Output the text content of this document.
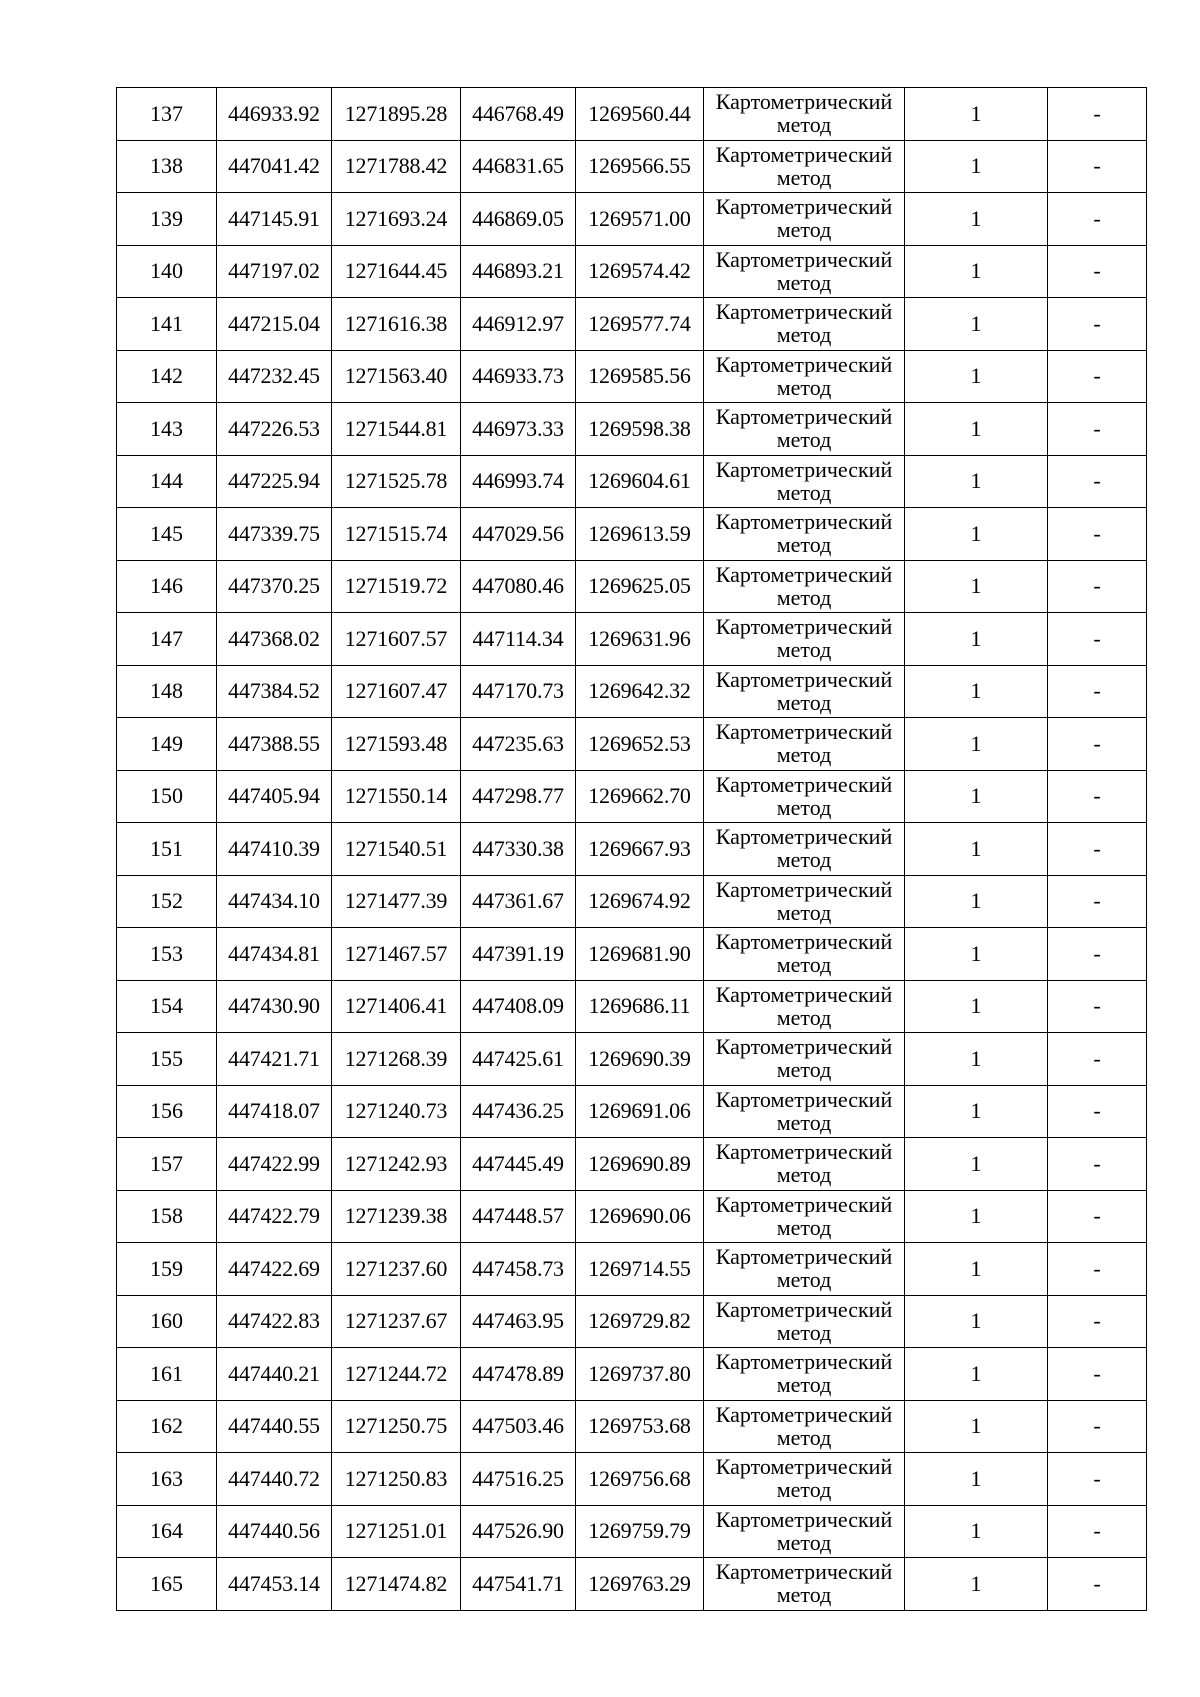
137	446933.92	1271895.28	446768.49	1269560.44	Картометрический
метод	1	-
138	447041.42	1271788.42	446831.65	1269566.55	Картометрический
метод	1	-
139	447145.91	1271693.24	446869.05	1269571.00	Картометрический
метод	1	-
140	447197.02	1271644.45	446893.21	1269574.42	Картометрический
метод	1	-
141	447215.04	1271616.38	446912.97	1269577.74	Картометрический
метод	1	-
142	447232.45	1271563.40	446933.73	1269585.56	Картометрический
метод	1	-
143	447226.53	1271544.81	446973.33	1269598.38	Картометрический
метод	1	-
144	447225.94	1271525.78	446993.74	1269604.61	Картометрический
метод	1	-
145	447339.75	1271515.74	447029.56	1269613.59	Картометрический
метод	1	-
146	447370.25	1271519.72	447080.46	1269625.05	Картометрический
метод	1	-
147	447368.02	1271607.57	447114.34	1269631.96	Картометрический
метод	1	-
148	447384.52	1271607.47	447170.73	1269642.32	Картометрический
метод	1	-
149	447388.55	1271593.48	447235.63	1269652.53	Картометрический
метод	1	-
150	447405.94	1271550.14	447298.77	1269662.70	Картометрический
метод	1	-
151	447410.39	1271540.51	447330.38	1269667.93	Картометрический
метод	1	-
152	447434.10	1271477.39	447361.67	1269674.92	Картометрический
метод	1	-
153	447434.81	1271467.57	447391.19	1269681.90	Картометрический
метод	1	-
154	447430.90	1271406.41	447408.09	1269686.11	Картометрический
метод	1	-
155	447421.71	1271268.39	447425.61	1269690.39	Картометрический
метод	1	-
156	447418.07	1271240.73	447436.25	1269691.06	Картометрический
метод	1	-
157	447422.99	1271242.93	447445.49	1269690.89	Картометрический
метод	1	-
158	447422.79	1271239.38	447448.57	1269690.06	Картометрический
метод	1	-
159	447422.69	1271237.60	447458.73	1269714.55	Картометрический
метод	1	-
160	447422.83	1271237.67	447463.95	1269729.82	Картометрический
метод	1	-
161	447440.21	1271244.72	447478.89	1269737.80	Картометрический
метод	1	-
162	447440.55	1271250.75	447503.46	1269753.68	Картометрический
метод	1	-
163	447440.72	1271250.83	447516.25	1269756.68	Картометрический
метод	1	-
164	447440.56	1271251.01	447526.90	1269759.79	Картометрический
метод	1	-
165	447453.14	1271474.82	447541.71	1269763.29	Картометрический
метод	1	-
